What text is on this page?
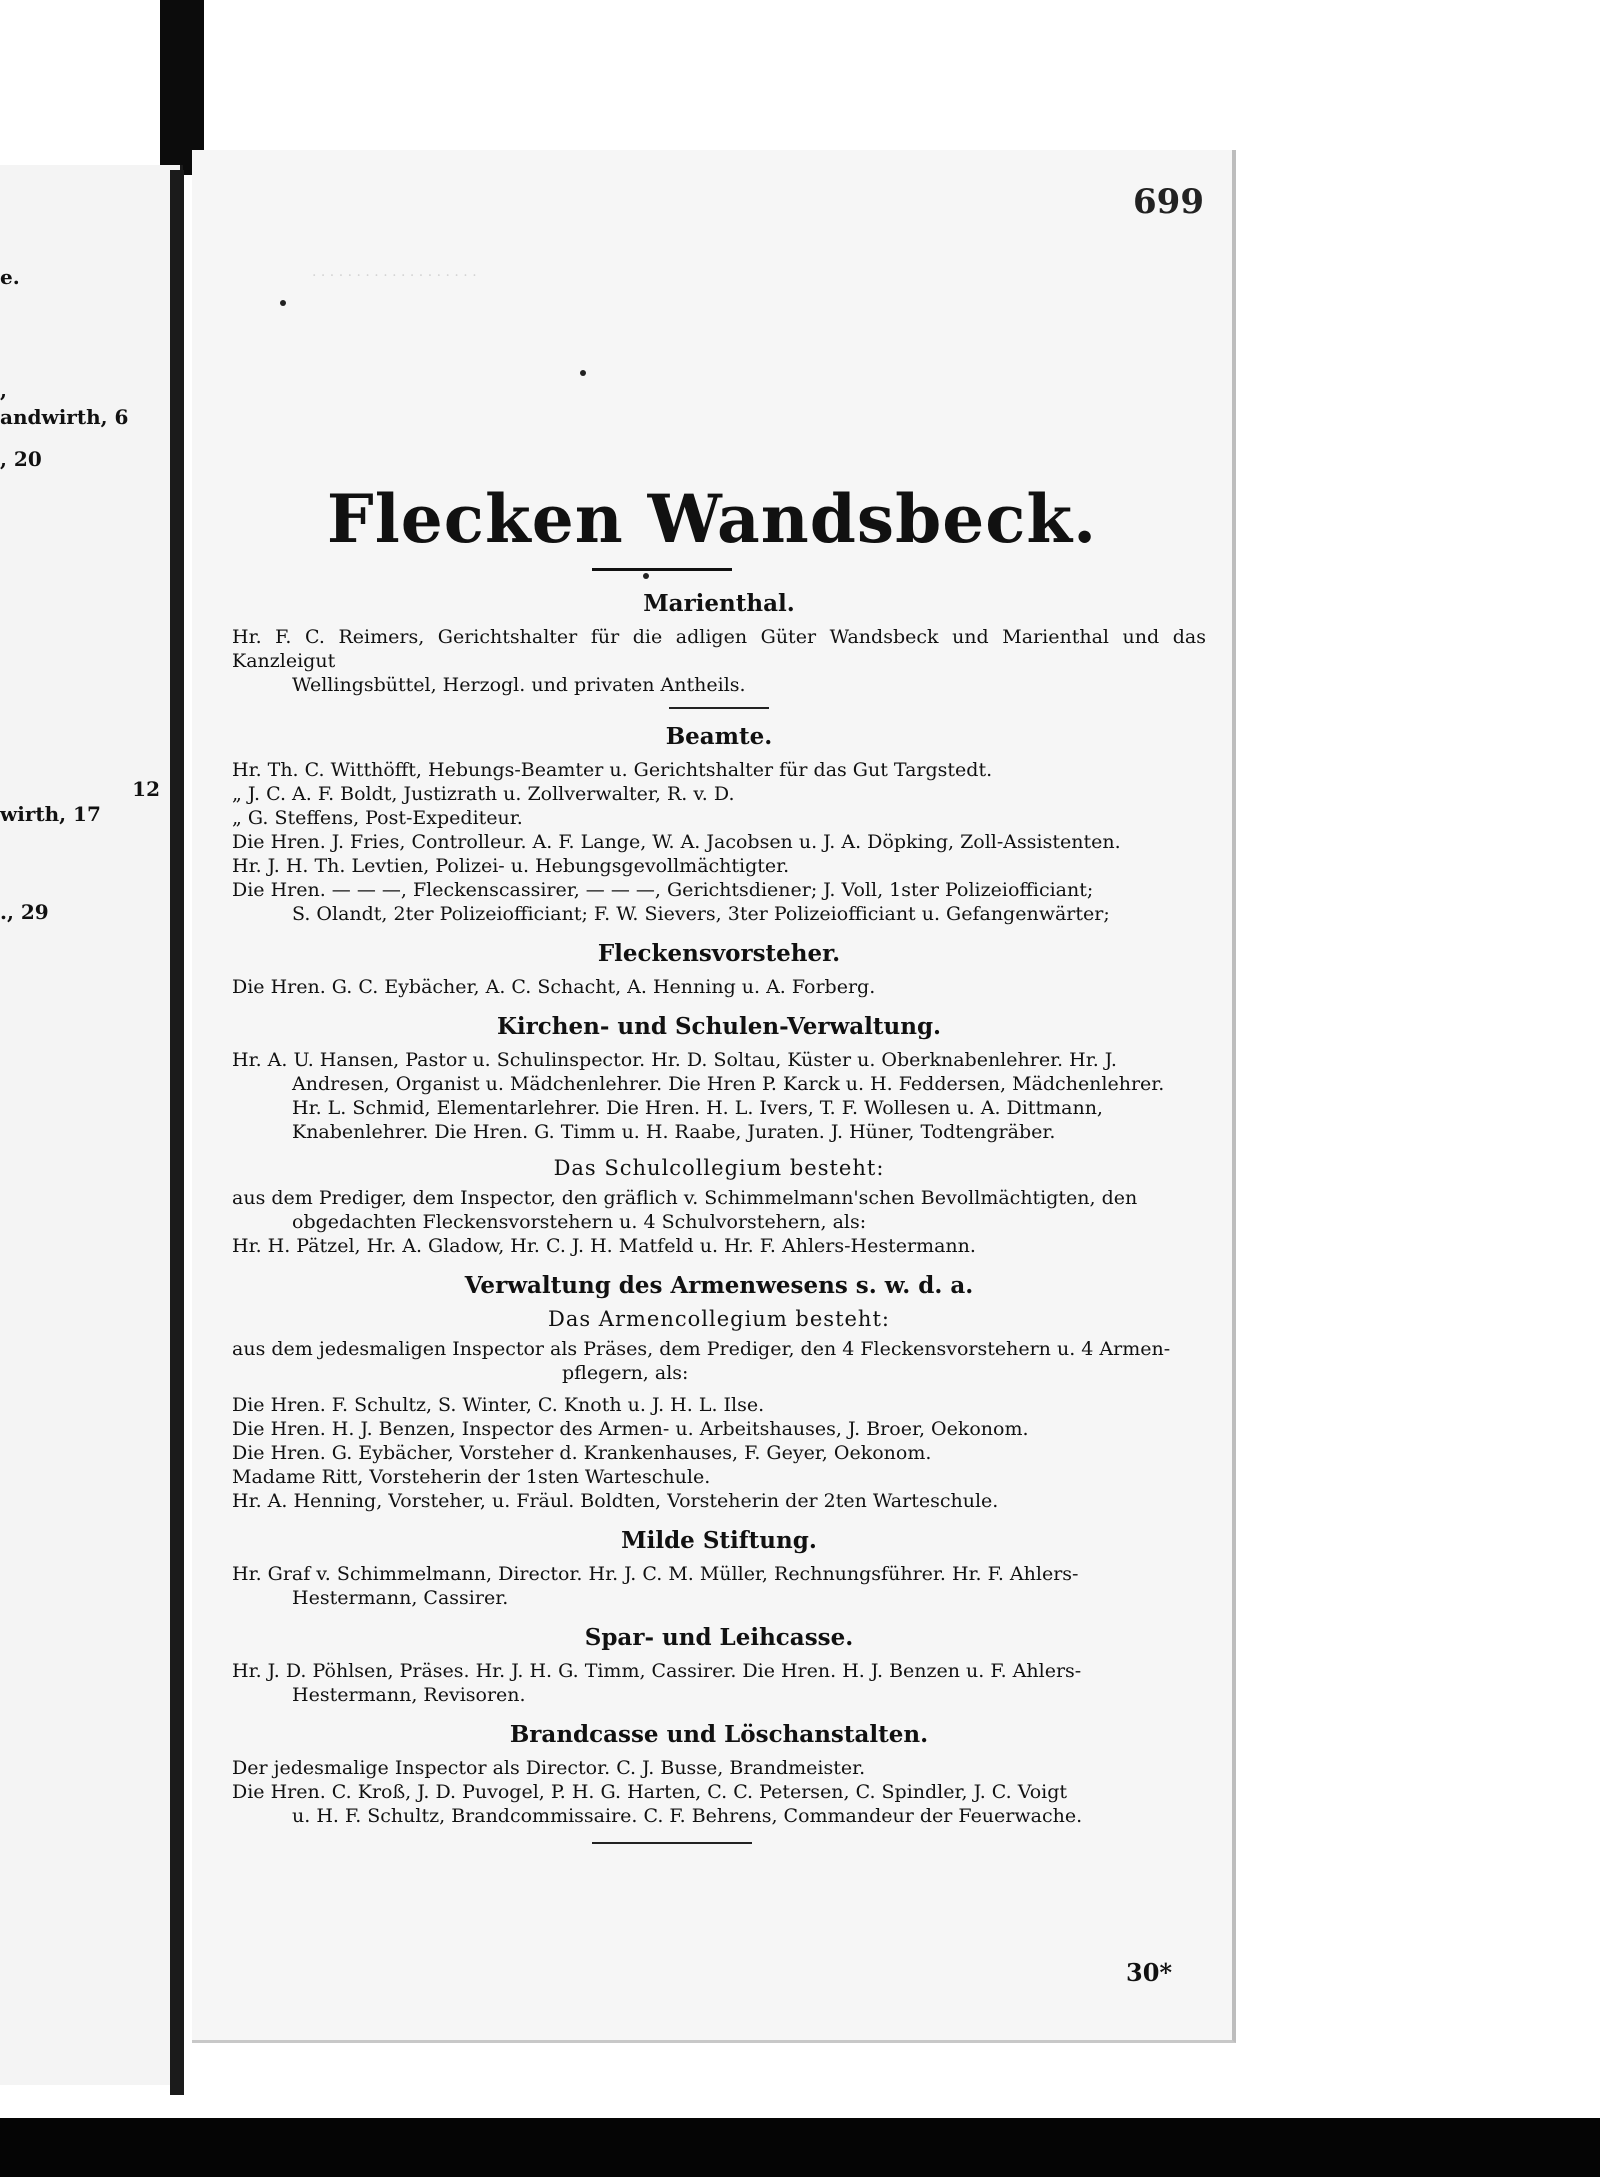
e.
,
andwirth, 6
, 20
12
wirth, 17
., 29
· · · · · · · · · · · · · · · · · · ·
699
Flecken Wandsbeck.
Marienthal.
Hr. F. C. Reimers, Gerichtshalter für die adligen Güter Wandsbeck und Marienthal und das Kanzleigut
Wellingsbüttel, Herzogl. und privaten Antheils.
Beamte.
Hr. Th. C. Witthöfft, Hebungs-Beamter u. Gerichtshalter für das Gut Targstedt.
„ J. C. A. F. Boldt, Justizrath u. Zollverwalter, R. v. D.
„ G. Steffens, Post-Expediteur.
Die Hren. J. Fries, Controlleur. A. F. Lange, W. A. Jacobsen u. J. A. Döpking, Zoll-Assistenten.
Hr. J. H. Th. Levtien, Polizei- u. Hebungsgevollmächtigter.
Die Hren. — — —, Fleckenscassirer, — — —, Gerichtsdiener; J. Voll, 1ster Polizeiofficiant;
S. Olandt, 2ter Polizeiofficiant; F. W. Sievers, 3ter Polizeiofficiant u. Gefangenwärter;
Fleckensvorsteher.
Die Hren. G. C. Eybächer, A. C. Schacht, A. Henning u. A. Forberg.
Kirchen- und Schulen-Verwaltung.
Hr. A. U. Hansen, Pastor u. Schulinspector. Hr. D. Soltau, Küster u. Oberknabenlehrer. Hr. J.
Andresen, Organist u. Mädchenlehrer. Die Hren P. Karck u. H. Feddersen, Mädchenlehrer.
Hr. L. Schmid, Elementarlehrer. Die Hren. H. L. Ivers, T. F. Wollesen u. A. Dittmann,
Knabenlehrer. Die Hren. G. Timm u. H. Raabe, Juraten. J. Hüner, Todtengräber.
Das Schulcollegium besteht:
aus dem Prediger, dem Inspector, den gräflich v. Schimmelmann'schen Bevollmächtigten, den
obgedachten Fleckensvorstehern u. 4 Schulvorstehern, als:
Hr. H. Pätzel, Hr. A. Gladow, Hr. C. J. H. Matfeld u. Hr. F. Ahlers-Hestermann.
Verwaltung des Armenwesens s. w. d. a.
Das Armencollegium besteht:
aus dem jedesmaligen Inspector als Präses, dem Prediger, den 4 Fleckensvorstehern u. 4 Armen-
pflegern, als:
Die Hren. F. Schultz, S. Winter, C. Knoth u. J. H. L. Ilse.
Die Hren. H. J. Benzen, Inspector des Armen- u. Arbeitshauses, J. Broer, Oekonom.
Die Hren. G. Eybächer, Vorsteher d. Krankenhauses, F. Geyer, Oekonom.
Madame Ritt, Vorsteherin der 1sten Warteschule.
Hr. A. Henning, Vorsteher, u. Fräul. Boldten, Vorsteherin der 2ten Warteschule.
Milde Stiftung.
Hr. Graf v. Schimmelmann, Director. Hr. J. C. M. Müller, Rechnungsführer. Hr. F. Ahlers-
Hestermann, Cassirer.
Spar- und Leihcasse.
Hr. J. D. Pöhlsen, Präses. Hr. J. H. G. Timm, Cassirer. Die Hren. H. J. Benzen u. F. Ahlers-
Hestermann, Revisoren.
Brandcasse und Löschanstalten.
Der jedesmalige Inspector als Director. C. J. Busse, Brandmeister.
Die Hren. C. Kroß, J. D. Puvogel, P. H. G. Harten, C. C. Petersen, C. Spindler, J. C. Voigt
u. H. F. Schultz, Brandcommissaire. C. F. Behrens, Commandeur der Feuerwache.
30*
